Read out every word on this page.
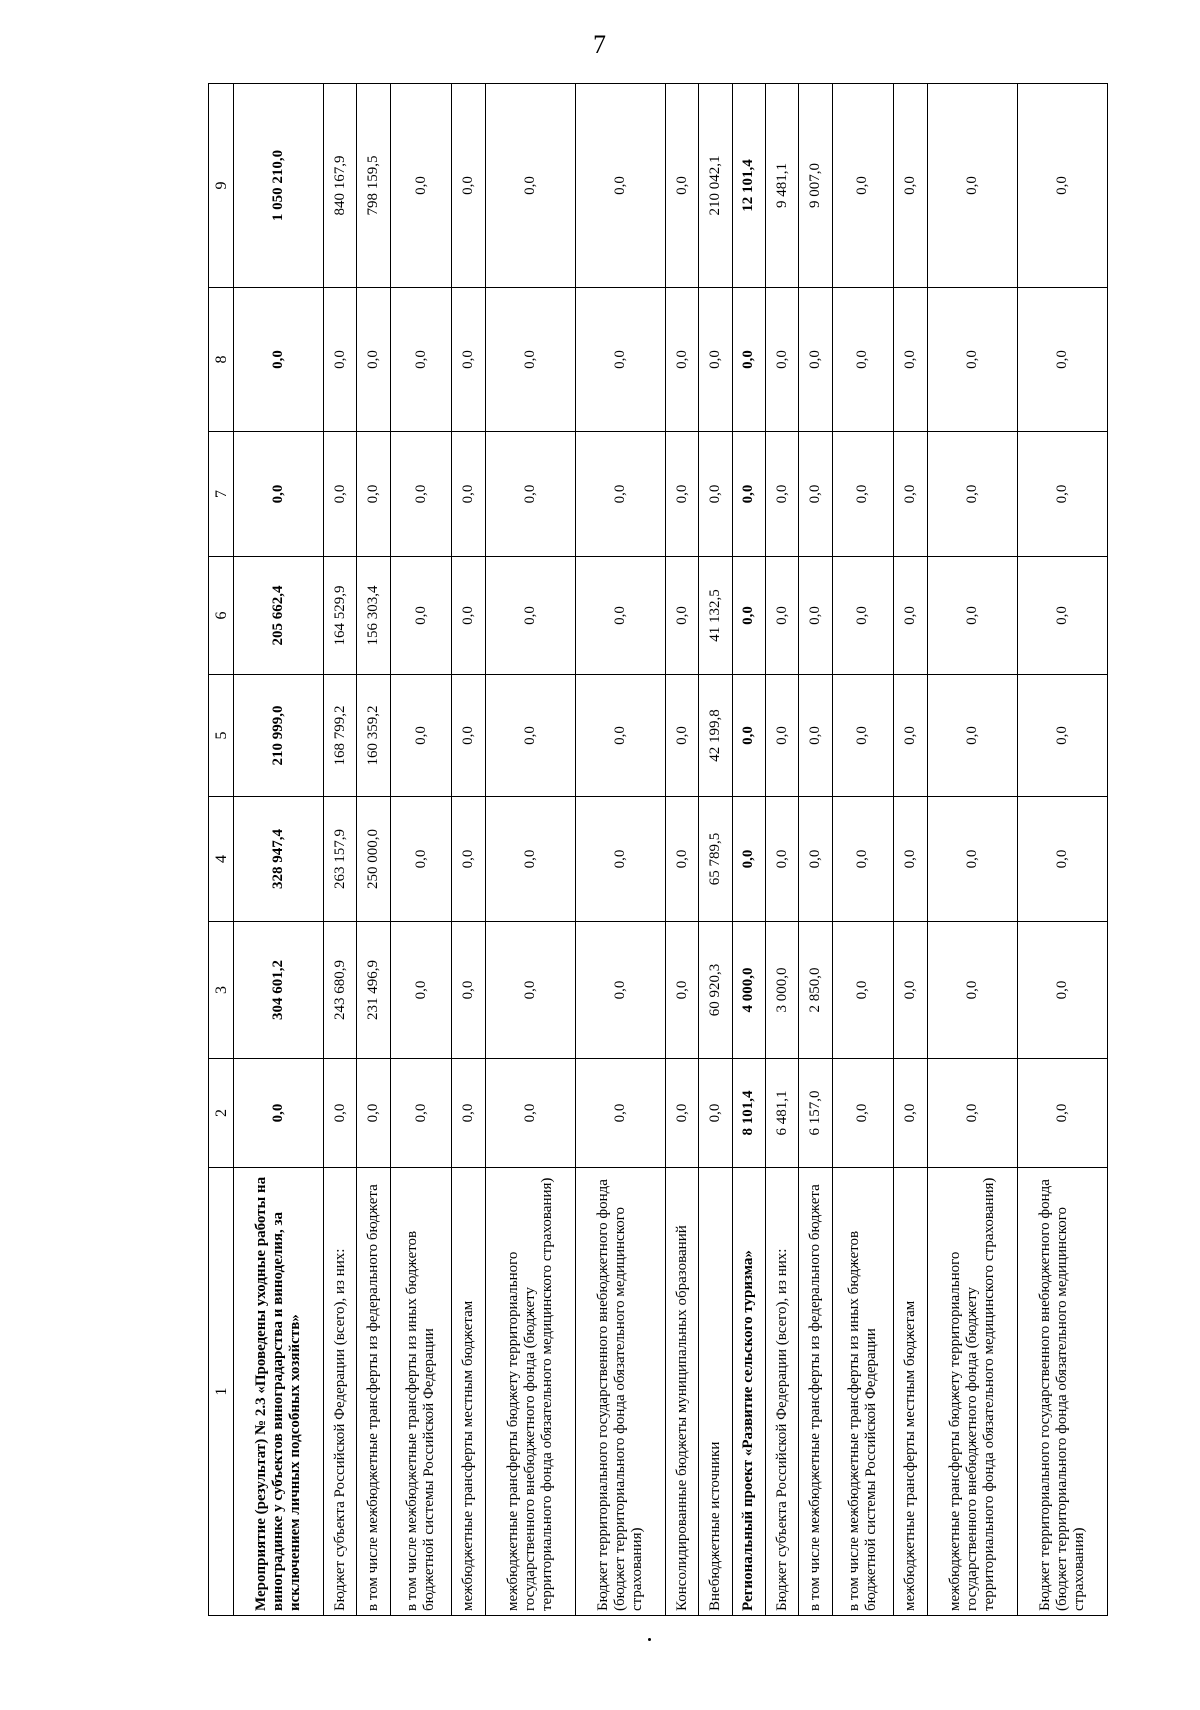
7
1	2	3	4	5	6	7	8	9
Мероприятие (результат) № 2.3 «Проведены уходные работы на виноградинке у субъектов виноградарства и виноделия, за исключением личных подсобных хозяйств»	0,0	304 601,2	328 947,4	210 999,0	205 662,4	0,0	0,0	1 050 210,0
Бюджет субъекта Российской Федерации (всего), из них:	0,0	243 680,9	263 157,9	168 799,2	164 529,9	0,0	0,0	840 167,9
в том числе межбюджетные трансферты из федерального бюджета	0,0	231 496,9	250 000,0	160 359,2	156 303,4	0,0	0,0	798 159,5
в том числе межбюджетные трансферты из иных бюджетов бюджетной системы Российской Федерации	0,0	0,0	0,0	0,0	0,0	0,0	0,0	0,0
межбюджетные трансферты местным бюджетам	0,0	0,0	0,0	0,0	0,0	0,0	0,0	0,0
межбюджетные трансферты бюджету территориального государственного внебюджетного фонда (бюджету территориального фонда обязательного медицинского страхования)	0,0	0,0	0,0	0,0	0,0	0,0	0,0	0,0
Бюджет территориального государственного внебюджетного фонда (бюджет территориального фонда обязательного медицинского страхования)	0,0	0,0	0,0	0,0	0,0	0,0	0,0	0,0
Консолидированные бюджеты муниципальных образований	0,0	0,0	0,0	0,0	0,0	0,0	0,0	0,0
Внебюджетные источники	0,0	60 920,3	65 789,5	42 199,8	41 132,5	0,0	0,0	210 042,1
Региональный проект «Развитие сельского туризма»	8 101,4	4 000,0	0,0	0,0	0,0	0,0	0,0	12 101,4
Бюджет субъекта Российской Федерации (всего), из них:	6 481,1	3 000,0	0,0	0,0	0,0	0,0	0,0	9 481,1
в том числе межбюджетные трансферты из федерального бюджета	6 157,0	2 850,0	0,0	0,0	0,0	0,0	0,0	9 007,0
в том числе межбюджетные трансферты из иных бюджетов бюджетной системы Российской Федерации	0,0	0,0	0,0	0,0	0,0	0,0	0,0	0,0
межбюджетные трансферты местным бюджетам	0,0	0,0	0,0	0,0	0,0	0,0	0,0	0,0
межбюджетные трансферты бюджету территориального государственного внебюджетного фонда (бюджету территориального фонда обязательного медицинского страхования)	0,0	0,0	0,0	0,0	0,0	0,0	0,0	0,0
Бюджет территориального государственного внебюджетного фонда (бюджет территориального фонда обязательного медицинского страхования)	0,0	0,0	0,0	0,0	0,0	0,0	0,0	0,0
